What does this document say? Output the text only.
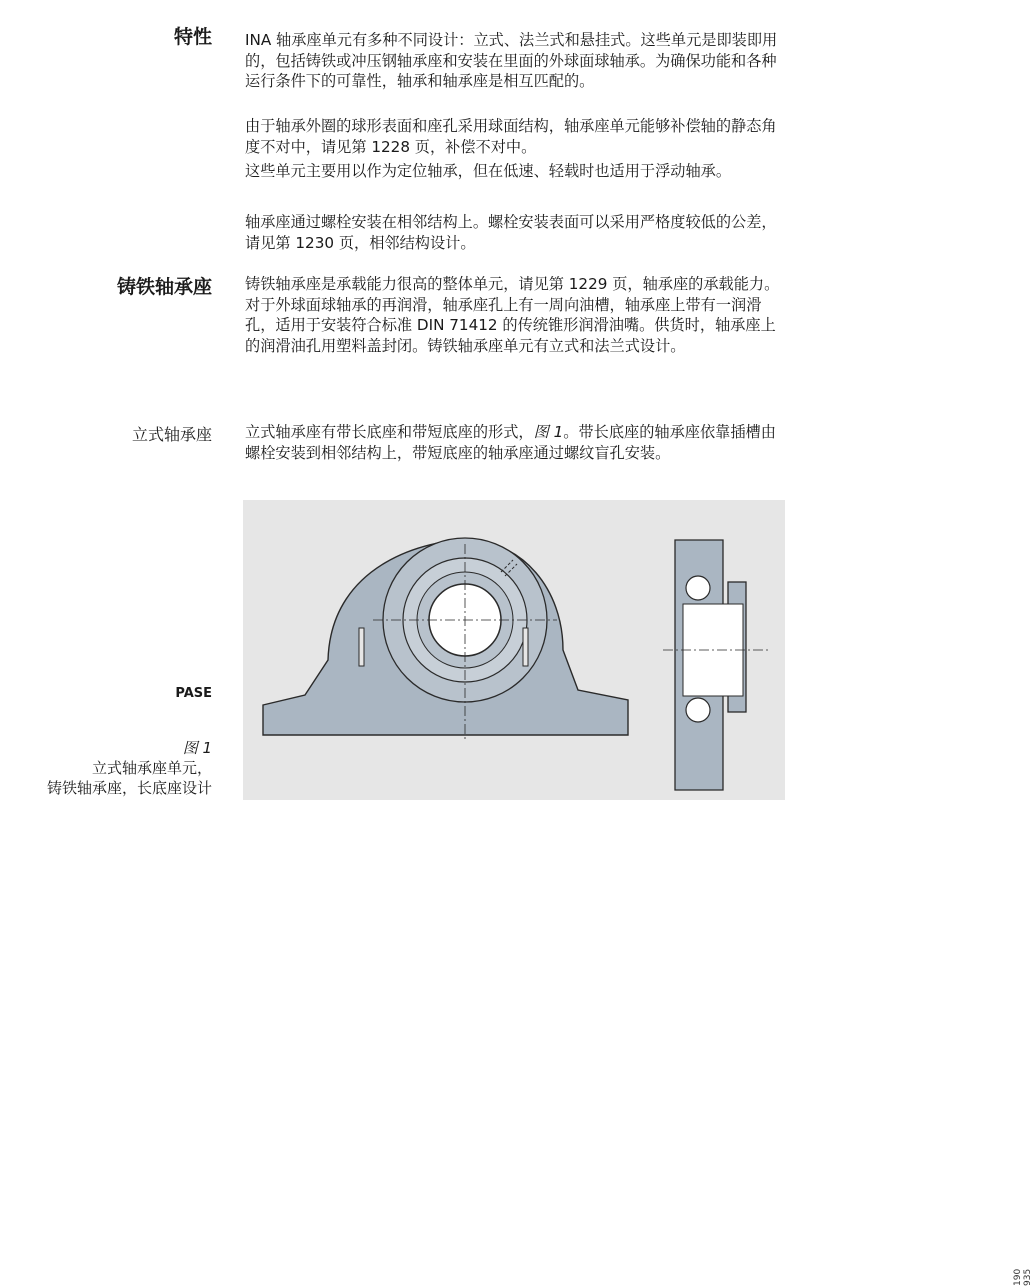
特性 INA 轴承座单元有多种不同设计：立式、法兰式和悬挂式。这些单元是即装即用的，包括铸铁或冲压钢轴承座和安装在里面的外球面球轴承。为确保功能和各种运行条件下的可靠性，轴承和轴承座是相互匹配的。

由于轴承外圈的球形表面和座孔采用球面结构，轴承座单元能够补偿轴的静态角度不对中，请见第 1228 页，补偿不对中。

这些单元主要用以作为定位轴承，但在低速、轻载时也适用于浮动轴承。

轴承座通过螺栓安装在相邻结构上。螺栓安装表面可以采用严格度较低的公差，请见第 1230 页，相邻结构设计。

铸铁轴承座 铸铁轴承座是承载能力很高的整体单元，请见第 1229 页，轴承座的承载能力。对于外球面球轴承的再润滑，轴承座孔上有一周向油槽，轴承座上带有一润滑孔，适用于安装符合标准 DIN 71412 的传统锥形润滑油嘴。供货时，轴承座上的润滑油孔用塑料盖封闭。铸铁轴承座单元有立式和法兰式设计。

立式轴承座 立式轴承座有带长底座和带短底座的形式，图 1。带长底座的轴承座依靠插槽由螺栓安装到相邻结构上，带短底座的轴承座通过螺纹盲孔安装。

190 935
PASE
图 1
立式轴承座单元，
铸铁轴承座，长底座设计
